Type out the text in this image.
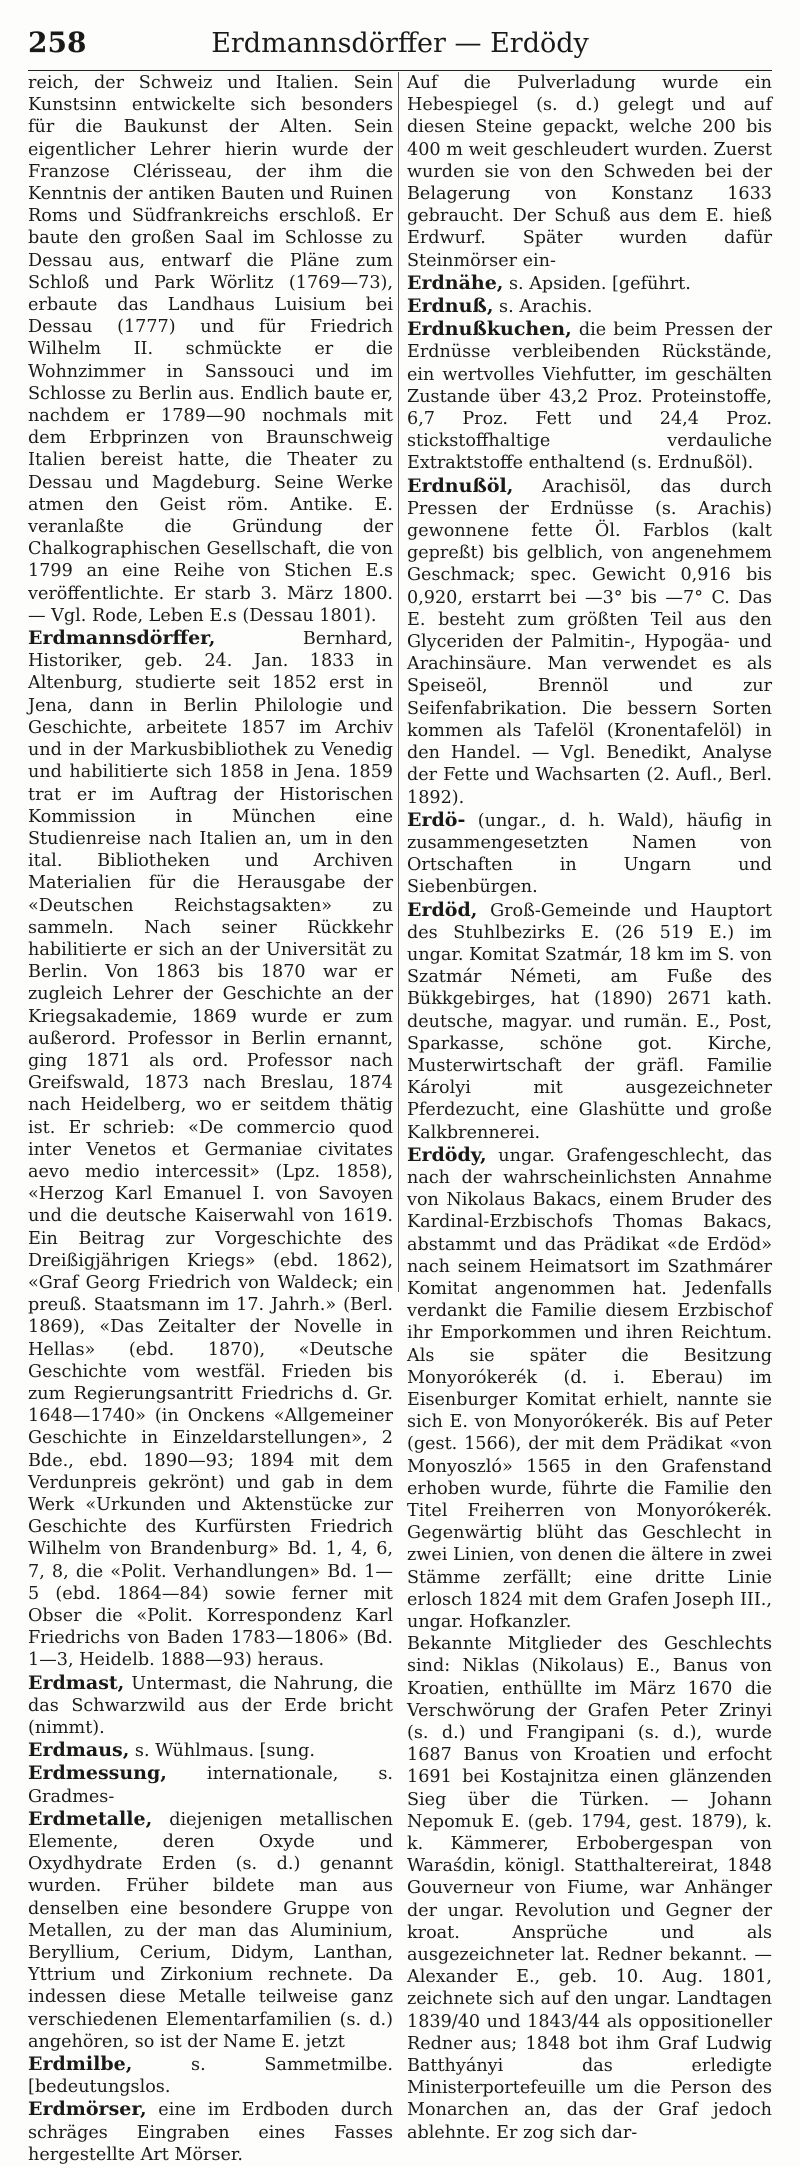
258	Erdmannsdörffer — Erdödy

reich, der Schweiz und Italien. Sein Kunstsinn entwickelte sich besonders für die Baukunst der Alten. Sein eigentlicher Lehrer hierin wurde der Franzose Clérisseau, der ihm die Kenntnis der antiken Bauten und Ruinen Roms und Südfrankreichs erschloß. Er baute den großen Saal im Schlosse zu Dessau aus, entwarf die Pläne zum Schloß und Park Wörlitz (1769—73), erbaute das Landhaus Luisium bei Dessau (1777) und für Friedrich Wilhelm II. schmückte er die Wohnzimmer in Sanssouci und im Schlosse zu Berlin aus. Endlich baute er, nachdem er 1789—90 nochmals mit dem Erbprinzen von Braunschweig Italien bereist hatte, die Theater zu Dessau und Magdeburg. Seine Werke atmen den Geist röm. Antike. E. veranlaßte die Gründung der Chalkographischen Gesellschaft, die von 1799 an eine Reihe von Stichen E.s veröffentlichte. Er starb 3. März 1800. — Vgl. Rode, Leben E.s (Dessau 1801).

Erdmannsdörffer, Bernhard, Historiker, geb. 24. Jan. 1833 in Altenburg, studierte seit 1852 erst in Jena, dann in Berlin Philologie und Geschichte, arbeitete 1857 im Archiv und in der Markusbibliothek zu Venedig und habilitierte sich 1858 in Jena. 1859 trat er im Auftrag der Historischen Kommission in München eine Studienreise nach Italien an, um in den ital. Bibliotheken und Archiven Materialien für die Herausgabe der «Deutschen Reichstagsakten» zu sammeln. Nach seiner Rückkehr habilitierte er sich an der Universität zu Berlin. Von 1863 bis 1870 war er zugleich Lehrer der Geschichte an der Kriegsakademie, 1869 wurde er zum außerord. Professor in Berlin ernannt, ging 1871 als ord. Professor nach Greifswald, 1873 nach Breslau, 1874 nach Heidelberg, wo er seitdem thätig ist. Er schrieb: «De commercio quod inter Venetos et Germaniae civitates aevo medio intercessit» (Lpz. 1858), «Herzog Karl Emanuel I. von Savoyen und die deutsche Kaiserwahl von 1619. Ein Beitrag zur Vorgeschichte des Dreißigjährigen Kriegs» (ebd. 1862), «Graf Georg Friedrich von Waldeck; ein preuß. Staatsmann im 17. Jahrh.» (Berl. 1869), «Das Zeitalter der Novelle in Hellas» (ebd. 1870), «Deutsche Geschichte vom westfäl. Frieden bis zum Regierungsantritt Friedrichs d. Gr. 1648—1740» (in Onckens «Allgemeiner Geschichte in Einzeldarstellungen», 2 Bde., ebd. 1890—93; 1894 mit dem Verdunpreis gekrönt) und gab in dem Werk «Urkunden und Aktenstücke zur Geschichte des Kurfürsten Friedrich Wilhelm von Brandenburg» Bd. 1, 4, 6, 7, 8, die «Polit. Verhandlungen» Bd. 1—5 (ebd. 1864—84) sowie ferner mit Obser die «Polit. Korrespondenz Karl Friedrichs von Baden 1783—1806» (Bd. 1—3, Heidelb. 1888—93) heraus.

Erdmast, Untermast, die Nahrung, die das Schwarzwild aus der Erde bricht (nimmt).

Erdmaus, s. Wühlmaus. [sung.

Erdmessung, internationale, s. Gradmes-

Erdmetalle, diejenigen metallischen Elemente, deren Oxyde und Oxydhydrate Erden (s. d.) genannt wurden. Früher bildete man aus denselben eine besondere Gruppe von Metallen, zu der man das Aluminium, Beryllium, Cerium, Didym, Lanthan, Yttrium und Zirkonium rechnete. Da indessen diese Metalle teilweise ganz verschiedenen Elementarfamilien (s. d.) angehören, so ist der Name E. jetzt

Erdmilbe, s. Sammetmilbe. [bedeutungslos.

Erdmörser, eine im Erdboden durch schräges Eingraben eines Fasses hergestellte Art Mörser.

Auf die Pulverladung wurde ein Hebespiegel (s. d.) gelegt und auf diesen Steine gepackt, welche 200 bis 400 m weit geschleudert wurden. Zuerst wurden sie von den Schweden bei der Belagerung von Konstanz 1633 gebraucht. Der Schuß aus dem E. hieß Erdwurf. Später wurden dafür Steinmörser ein-

Erdnähe, s. Apsiden. [geführt.

Erdnuß, s. Arachis.

Erdnußkuchen, die beim Pressen der Erdnüsse verbleibenden Rückstände, ein wertvolles Viehfutter, im geschälten Zustande über 43,2 Proz. Proteinstoffe, 6,7 Proz. Fett und 24,4 Proz. stickstoffhaltige verdauliche Extraktstoffe enthaltend (s. Erdnußöl).

Erdnußöl, Arachisöl, das durch Pressen der Erdnüsse (s. Arachis) gewonnene fette Öl. Farblos (kalt gepreßt) bis gelblich, von angenehmem Geschmack; spec. Gewicht 0,916 bis 0,920, erstarrt bei —3° bis —7° C. Das E. besteht zum größten Teil aus den Glyceriden der Palmitin-, Hypogäa- und Arachinsäure. Man verwendet es als Speiseöl, Brennöl und zur Seifenfabrikation. Die bessern Sorten kommen als Tafelöl (Kronentafelöl) in den Handel. — Vgl. Benedikt, Analyse der Fette und Wachsarten (2. Aufl., Berl. 1892).

Erdö- (ungar., d. h. Wald), häufig in zusammengesetzten Namen von Ortschaften in Ungarn und Siebenbürgen.

Erdöd, Groß-Gemeinde und Hauptort des Stuhlbezirks E. (26 519 E.) im ungar. Komitat Szatmár, 18 km im S. von Szatmár Németi, am Fuße des Bükkgebirges, hat (1890) 2671 kath. deutsche, magyar. und rumän. E., Post, Sparkasse, schöne got. Kirche, Musterwirtschaft der gräfl. Familie Károlyi mit ausgezeichneter Pferdezucht, eine Glashütte und große Kalkbrennerei.

Erdödy, ungar. Grafengeschlecht, das nach der wahrscheinlichsten Annahme von Nikolaus Bakacs, einem Bruder des Kardinal-Erzbischofs Thomas Bakacs, abstammt und das Prädikat «de Erdöd» nach seinem Heimatsort im Szathmárer Komitat angenommen hat. Jedenfalls verdankt die Familie diesem Erzbischof ihr Emporkommen und ihren Reichtum. Als sie später die Besitzung Monyorókerék (d. i. Eberau) im Eisenburger Komitat erhielt, nannte sie sich E. von Monyorókerék. Bis auf Peter (gest. 1566), der mit dem Prädikat «von Monyoszló» 1565 in den Grafenstand erhoben wurde, führte die Familie den Titel Freiherren von Monyorókerék. Gegenwärtig blüht das Geschlecht in zwei Linien, von denen die ältere in zwei Stämme zerfällt; eine dritte Linie erlosch 1824 mit dem Grafen Joseph III., ungar. Hofkanzler.

Bekannte Mitglieder des Geschlechts sind: Niklas (Nikolaus) E., Banus von Kroatien, enthüllte im März 1670 die Verschwörung der Grafen Peter Zrinyi (s. d.) und Frangipani (s. d.), wurde 1687 Banus von Kroatien und erfocht 1691 bei Kostajnitza einen glänzenden Sieg über die Türken. — Johann Nepomuk E. (geb. 1794, gest. 1879), k. k. Kämmerer, Erbobergespan von Waraśdin, königl. Statthaltereirat, 1848 Gouverneur von Fiume, war Anhänger der ungar. Revolution und Gegner der kroat. Ansprüche und als ausgezeichneter lat. Redner bekannt. — Alexander E., geb. 10. Aug. 1801, zeichnete sich auf den ungar. Landtagen 1839/40 und 1843/44 als oppositioneller Redner aus; 1848 bot ihm Graf Ludwig Batthyányi das erledigte Ministerportefeuille um die Person des Monarchen an, das der Graf jedoch ablehnte. Er zog sich dar-
